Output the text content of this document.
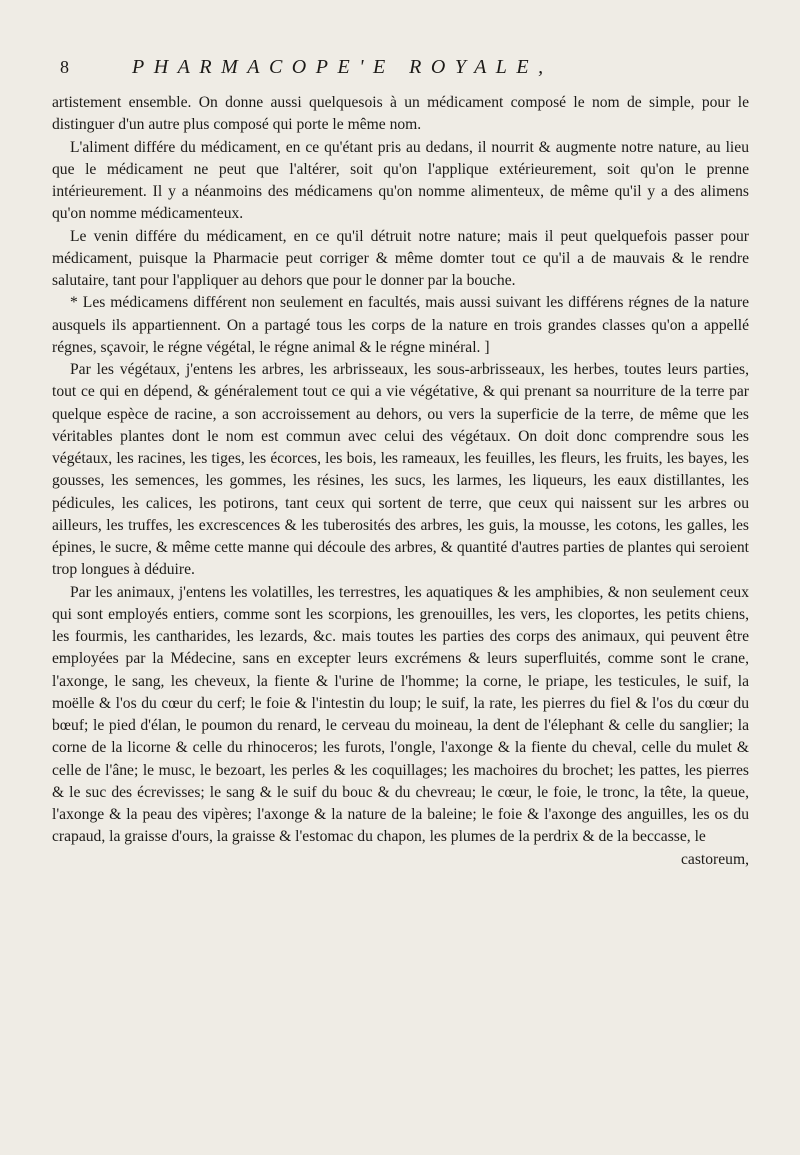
8	PHARMACOPE'E ROYALE,

artistement ensemble. On donne aussi quelquesois à un médicament composé le nom de simple, pour le distinguer d'un autre plus composé qui porte le même nom.

L'aliment différe du médicament, en ce qu'étant pris au dedans, il nourrit & augmente notre nature, au lieu que le médicament ne peut que l'altérer, soit qu'on l'applique extérieurement, soit qu'on le prenne intérieurement. Il y a néanmoins des médicamens qu'on nomme alimenteux, de même qu'il y a des alimens qu'on nomme médicamenteux.

Le venin différe du médicament, en ce qu'il détruit notre nature; mais il peut quelquefois passer pour médicament, puisque la Pharmacie peut corriger & même domter tout ce qu'il a de mauvais & le rendre salutaire, tant pour l'appliquer au dehors que pour le donner par la bouche.

* Les médicamens différent non seulement en facultés, mais aussi suivant les différens régnes de la nature ausquels ils appartiennent. On a partagé tous les corps de la nature en trois grandes classes qu'on a appellé régnes, sçavoir, le régne végétal, le régne animal & le régne minéral. ]

Par les végétaux, j'entens les arbres, les arbrisseaux, les sous-arbrisseaux, les herbes, toutes leurs parties, tout ce qui en dépend, & généralement tout ce qui a vie végétative, & qui prenant sa nourriture de la terre par quelque espèce de racine, a son accroissement au dehors, ou vers la superficie de la terre, de même que les véritables plantes dont le nom est commun avec celui des végétaux. On doit donc comprendre sous les végétaux, les racines, les tiges, les écorces, les bois, les rameaux, les feuilles, les fleurs, les fruits, les bayes, les gousses, les semences, les gommes, les résines, les sucs, les larmes, les liqueurs, les eaux distillantes, les pédicules, les calices, les potirons, tant ceux qui sortent de terre, que ceux qui naissent sur les arbres ou ailleurs, les truffes, les excrescences & les tuberosités des arbres, les guis, la mousse, les cotons, les galles, les épines, le sucre, & même cette manne qui découle des arbres, & quantité d'autres parties de plantes qui seroient trop longues à déduire.

Par les animaux, j'entens les volatilles, les terrestres, les aquatiques & les amphibies, & non seulement ceux qui sont employés entiers, comme sont les scorpions, les grenouilles, les vers, les cloportes, les petits chiens, les fourmis, les cantharides, les lezards, &c. mais toutes les parties des corps des animaux, qui peuvent être employées par la Médecine, sans en excepter leurs excrémens & leurs superfluités, comme sont le crane, l'axonge, le sang, les cheveux, la fiente & l'urine de l'homme; la corne, le priape, les testicules, le suif, la moëlle & l'os du cœur du cerf; le foie & l'intestin du loup; le suif, la rate, les pierres du fiel & l'os du cœur du bœuf; le pied d'élan, le poumon du renard, le cerveau du moineau, la dent de l'élephant & celle du sanglier; la corne de la licorne & celle du rhinoceros; les furots, l'ongle, l'axonge & la fiente du cheval, celle du mulet & celle de l'âne; le musc, le bezoart, les perles & les coquillages; les machoires du brochet; les pattes, les pierres & le suc des écrevisses; le sang & le suif du bouc & du chevreau; le cœur, le foie, le tronc, la tête, la queue, l'axonge & la peau des vipères; l'axonge & la nature de la baleine; le foie & l'axonge des anguilles, les os du crapaud, la graisse d'ours, la graisse & l'estomac du chapon, les plumes de la perdrix & de la beccasse, le

castoreum,
